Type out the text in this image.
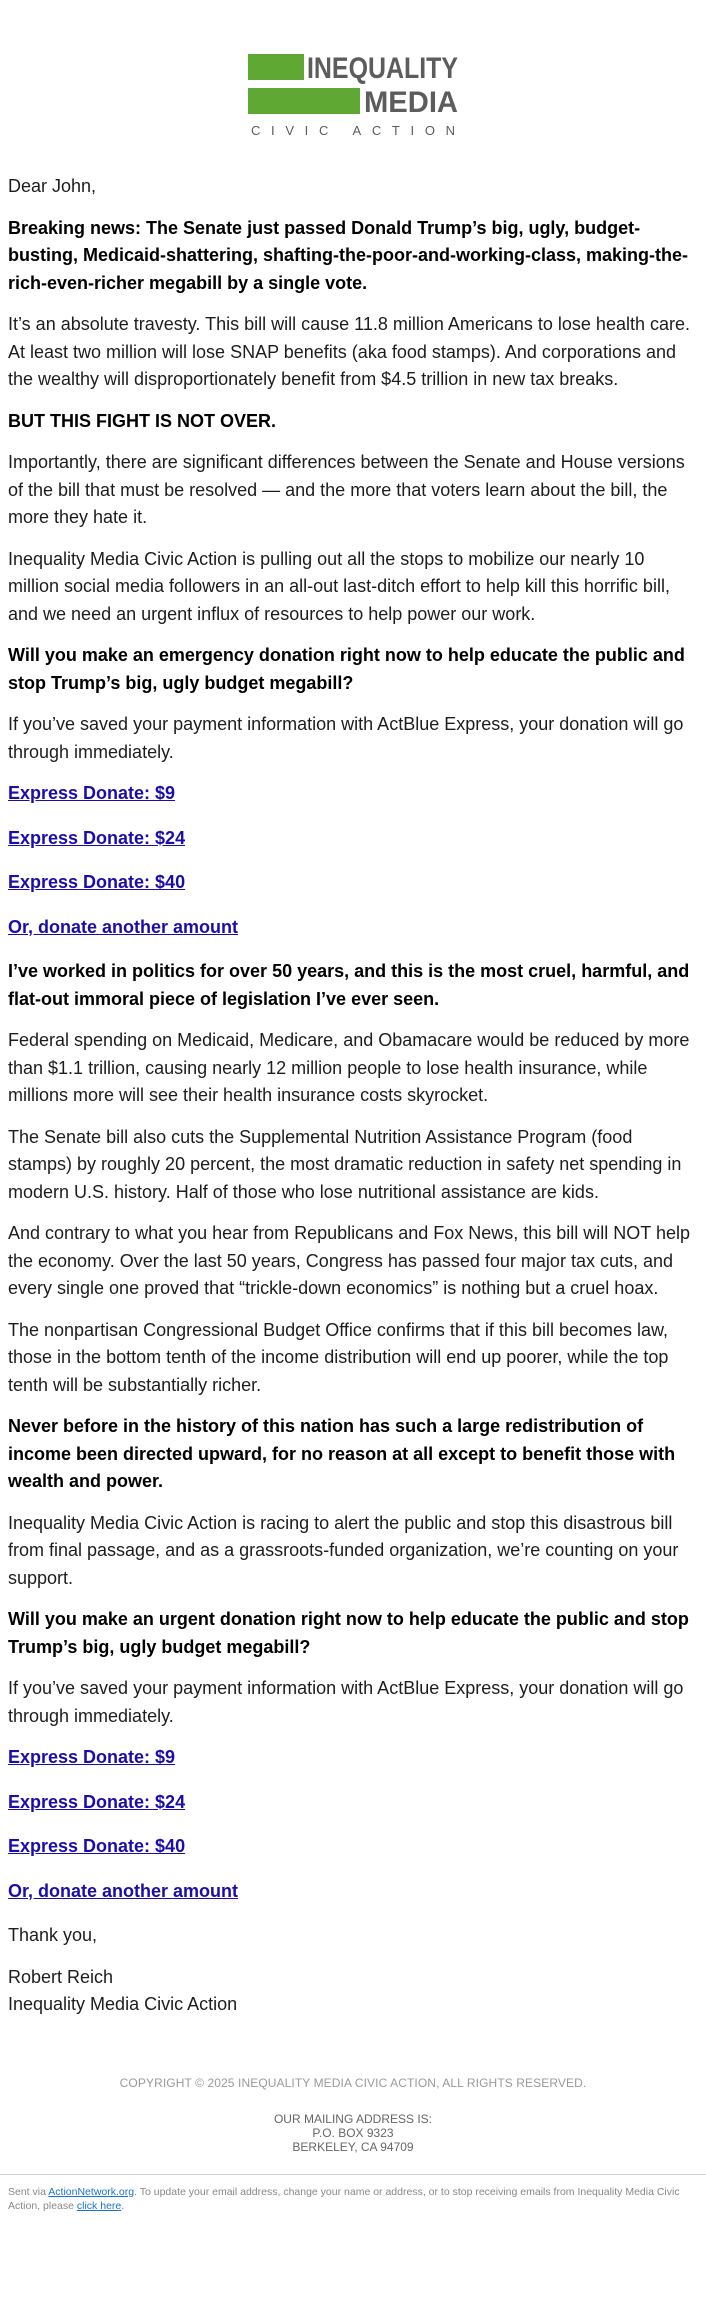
INEQUALITY
MEDIA
CIVIC ACTION

Dear John,

Breaking news: The Senate just passed Donald Trump’s big, ugly, budget-busting, Medicaid-shattering, shafting-the-poor-and-working-class, making-the-rich-even-richer megabill by a single vote.

It’s an absolute travesty. This bill will cause 11.8 million Americans to lose health care. At least two million will lose SNAP benefits (aka food stamps). And corporations and the wealthy will disproportionately benefit from $4.5 trillion in new tax breaks.

BUT THIS FIGHT IS NOT OVER.

Importantly, there are significant differences between the Senate and House versions of the bill that must be resolved — and the more that voters learn about the bill, the more they hate it.

Inequality Media Civic Action is pulling out all the stops to mobilize our nearly 10 million social media followers in an all-out last-ditch effort to help kill this horrific bill, and we need an urgent influx of resources to help power our work.

Will you make an emergency donation right now to help educate the public and stop Trump’s big, ugly budget megabill?

If you’ve saved your payment information with ActBlue Express, your donation will go through immediately.

Express Donate: $9

Express Donate: $24

Express Donate: $40

Or, donate another amount

I’ve worked in politics for over 50 years, and this is the most cruel, harmful, and flat-out immoral piece of legislation I’ve ever seen.

Federal spending on Medicaid, Medicare, and Obamacare would be reduced by more than $1.1 trillion, causing nearly 12 million people to lose health insurance, while millions more will see their health insurance costs skyrocket.

The Senate bill also cuts the Supplemental Nutrition Assistance Program (food stamps) by roughly 20 percent, the most dramatic reduction in safety net spending in modern U.S. history. Half of those who lose nutritional assistance are kids.

And contrary to what you hear from Republicans and Fox News, this bill will NOT help the economy. Over the last 50 years, Congress has passed four major tax cuts, and every single one proved that “trickle-down economics” is nothing but a cruel hoax.

The nonpartisan Congressional Budget Office confirms that if this bill becomes law, those in the bottom tenth of the income distribution will end up poorer, while the top tenth will be substantially richer.

Never before in the history of this nation has such a large redistribution of income been directed upward, for no reason at all except to benefit those with wealth and power.

Inequality Media Civic Action is racing to alert the public and stop this disastrous bill from final passage, and as a grassroots-funded organization, we’re counting on your support.

Will you make an urgent donation right now to help educate the public and stop Trump’s big, ugly budget megabill?

If you’ve saved your payment information with ActBlue Express, your donation will go through immediately.

Express Donate: $9

Express Donate: $24

Express Donate: $40

Or, donate another amount

Thank you,

Robert Reich
Inequality Media Civic Action

COPYRIGHT © 2025 INEQUALITY MEDIA CIVIC ACTION, ALL RIGHTS RESERVED.
OUR MAILING ADDRESS IS:
P.O. BOX 9323
BERKELEY, CA 94709
Sent via ActionNetwork.org. To update your email address, change your name or address, or to stop receiving emails from Inequality Media Civic Action, please click here.
